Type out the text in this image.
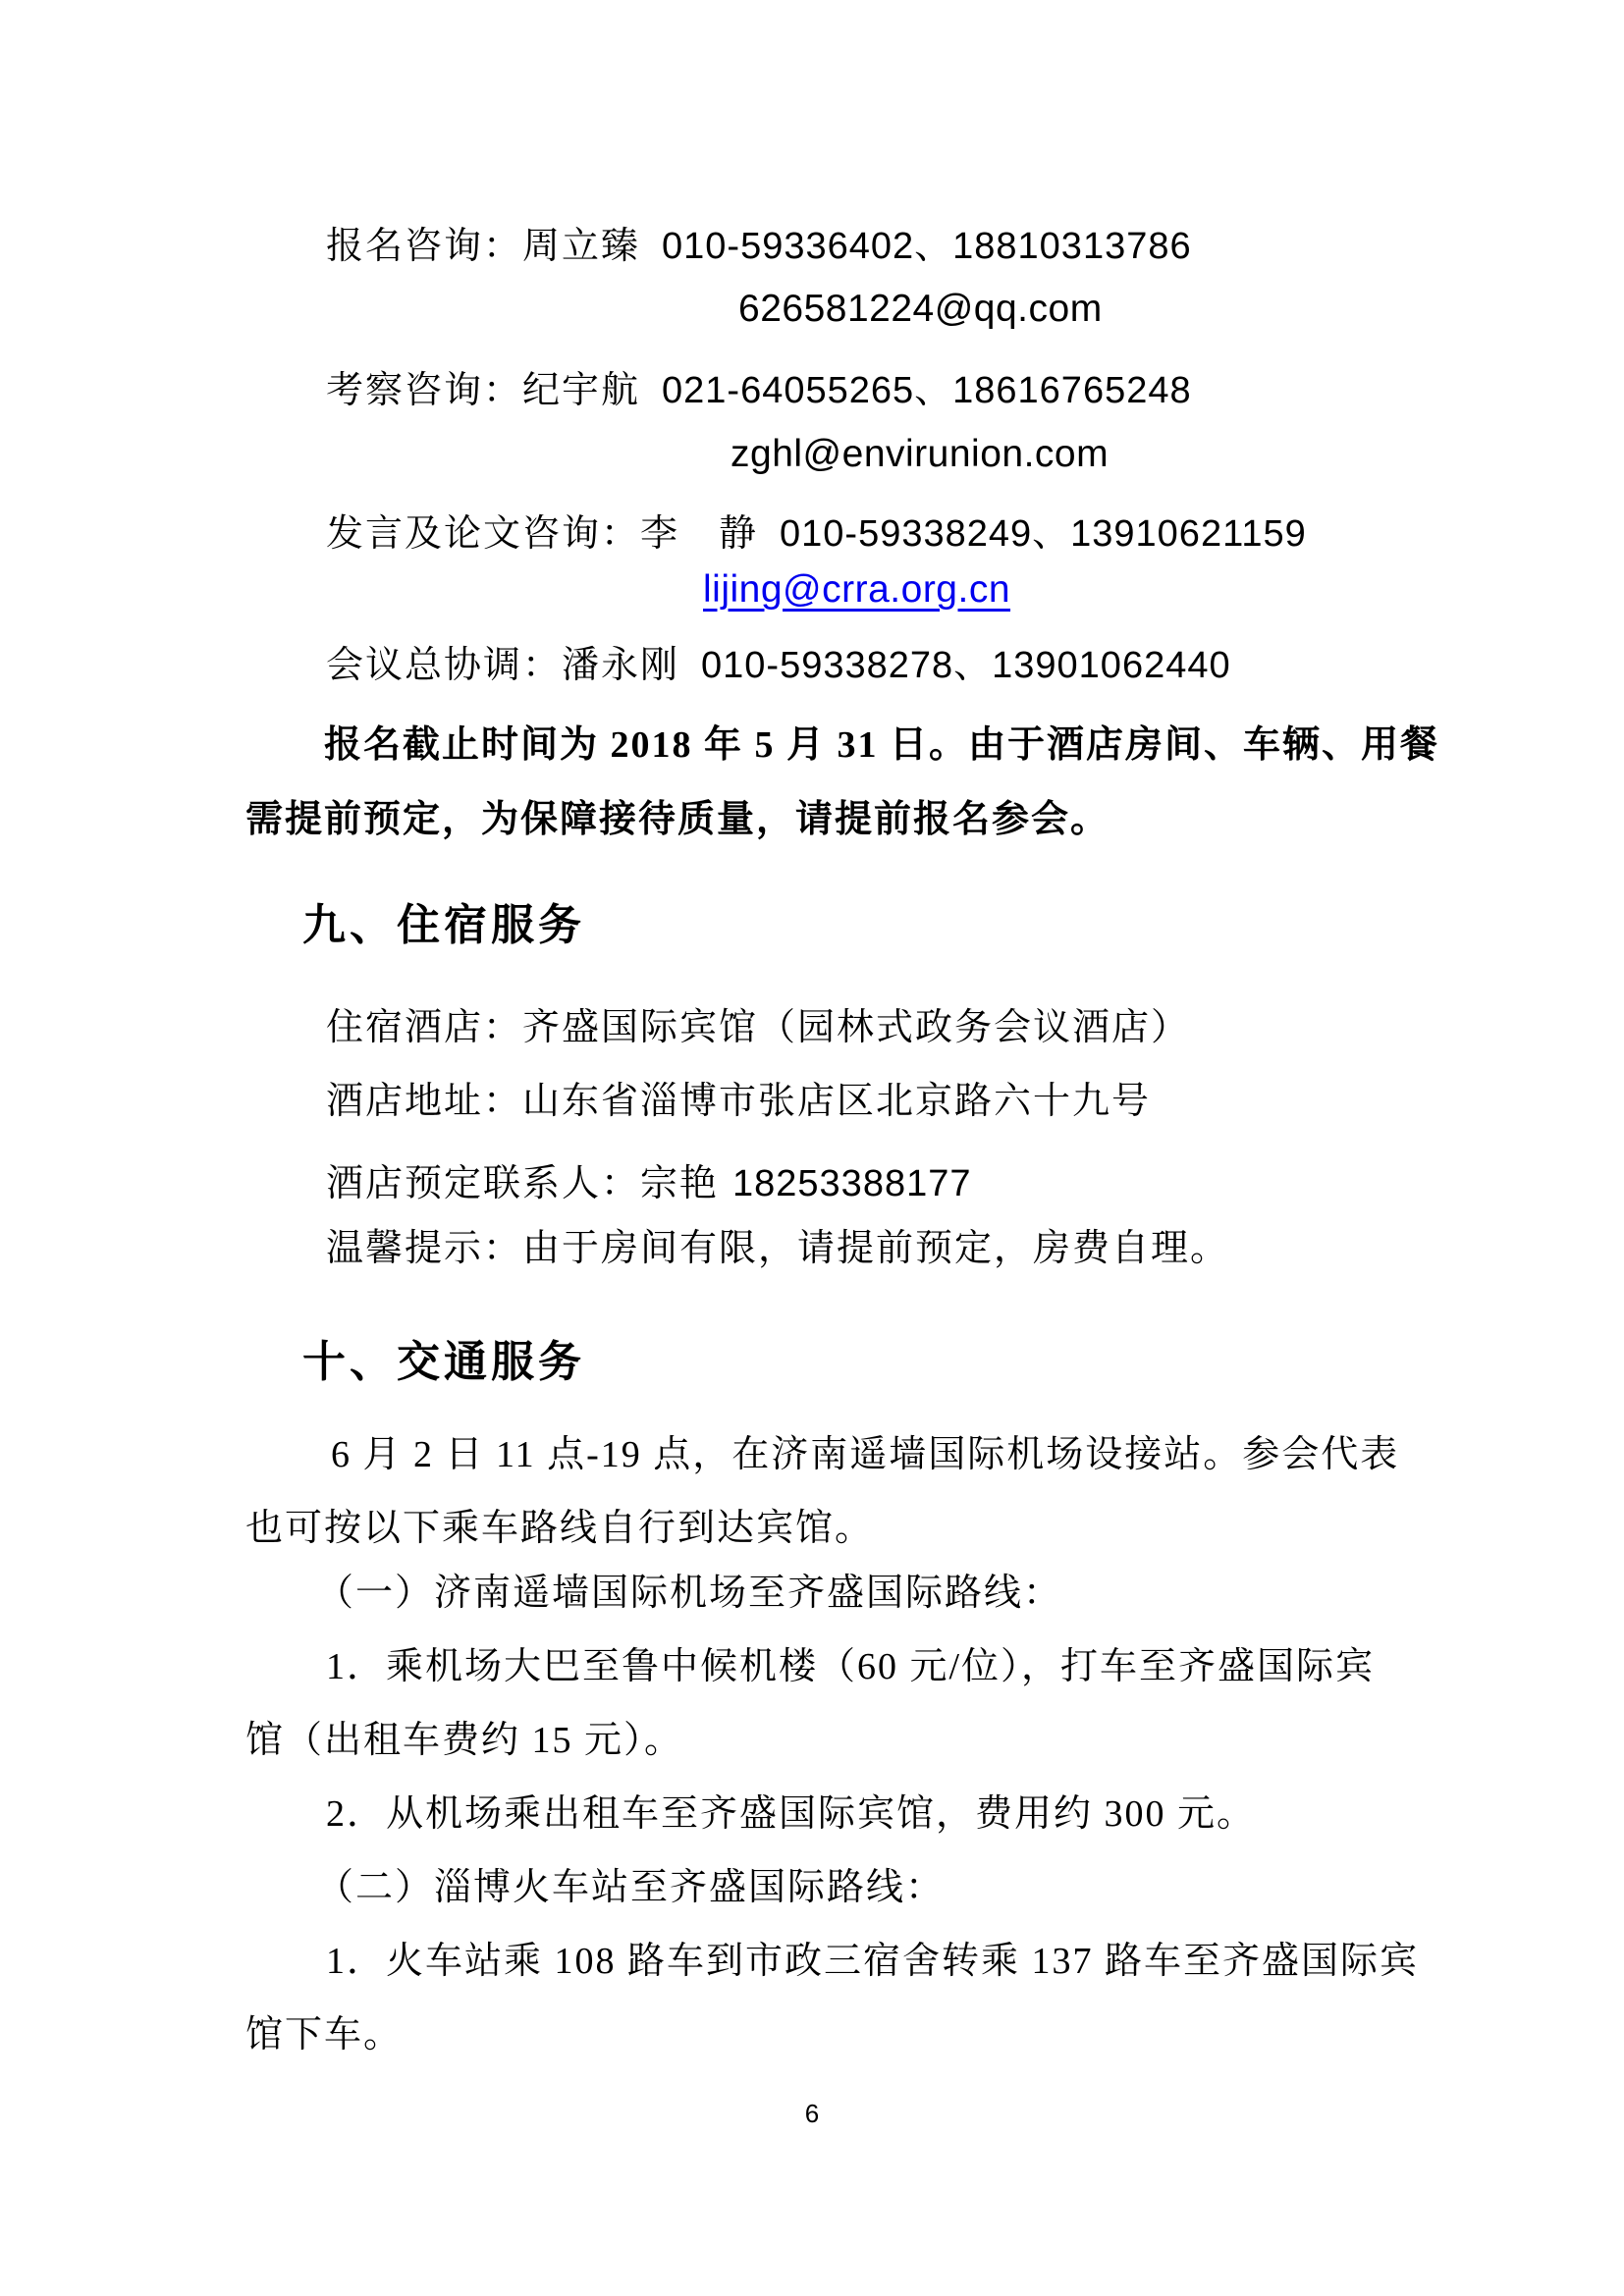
报名咨询：周立臻 010-59336402、18810313786
626581224@qq.com
考察咨询：纪宇航 021-64055265、18616765248
zghl@envirunion.com
发言及论文咨询：李　静 010-59338249、13910621159
lijing@crra.org.cn
会议总协调：潘永刚 010-59338278、13901062440
报名截止时间为 2018 年 5 月 31 日。由于酒店房间、车辆、用餐
需提前预定，为保障接待质量，请提前报名参会。
九、住宿服务
住宿酒店：齐盛国际宾馆（园林式政务会议酒店）
酒店地址：山东省淄博市张店区北京路六十九号
酒店预定联系人：宗艳 18253388177
温馨提示：由于房间有限，请提前预定，房费自理。
十、交通服务
6 月 2 日 11 点-19 点，在济南遥墙国际机场设接站。参会代表
也可按以下乘车路线自行到达宾馆。
（一）济南遥墙国际机场至齐盛国际路线：
1．乘机场大巴至鲁中候机楼（60 元/位），打车至齐盛国际宾
馆（出租车费约 15 元）。
2．从机场乘出租车至齐盛国际宾馆，费用约 300 元。
（二）淄博火车站至齐盛国际路线：
1．火车站乘 108 路车到市政三宿舍转乘 137 路车至齐盛国际宾
馆下车。
6
